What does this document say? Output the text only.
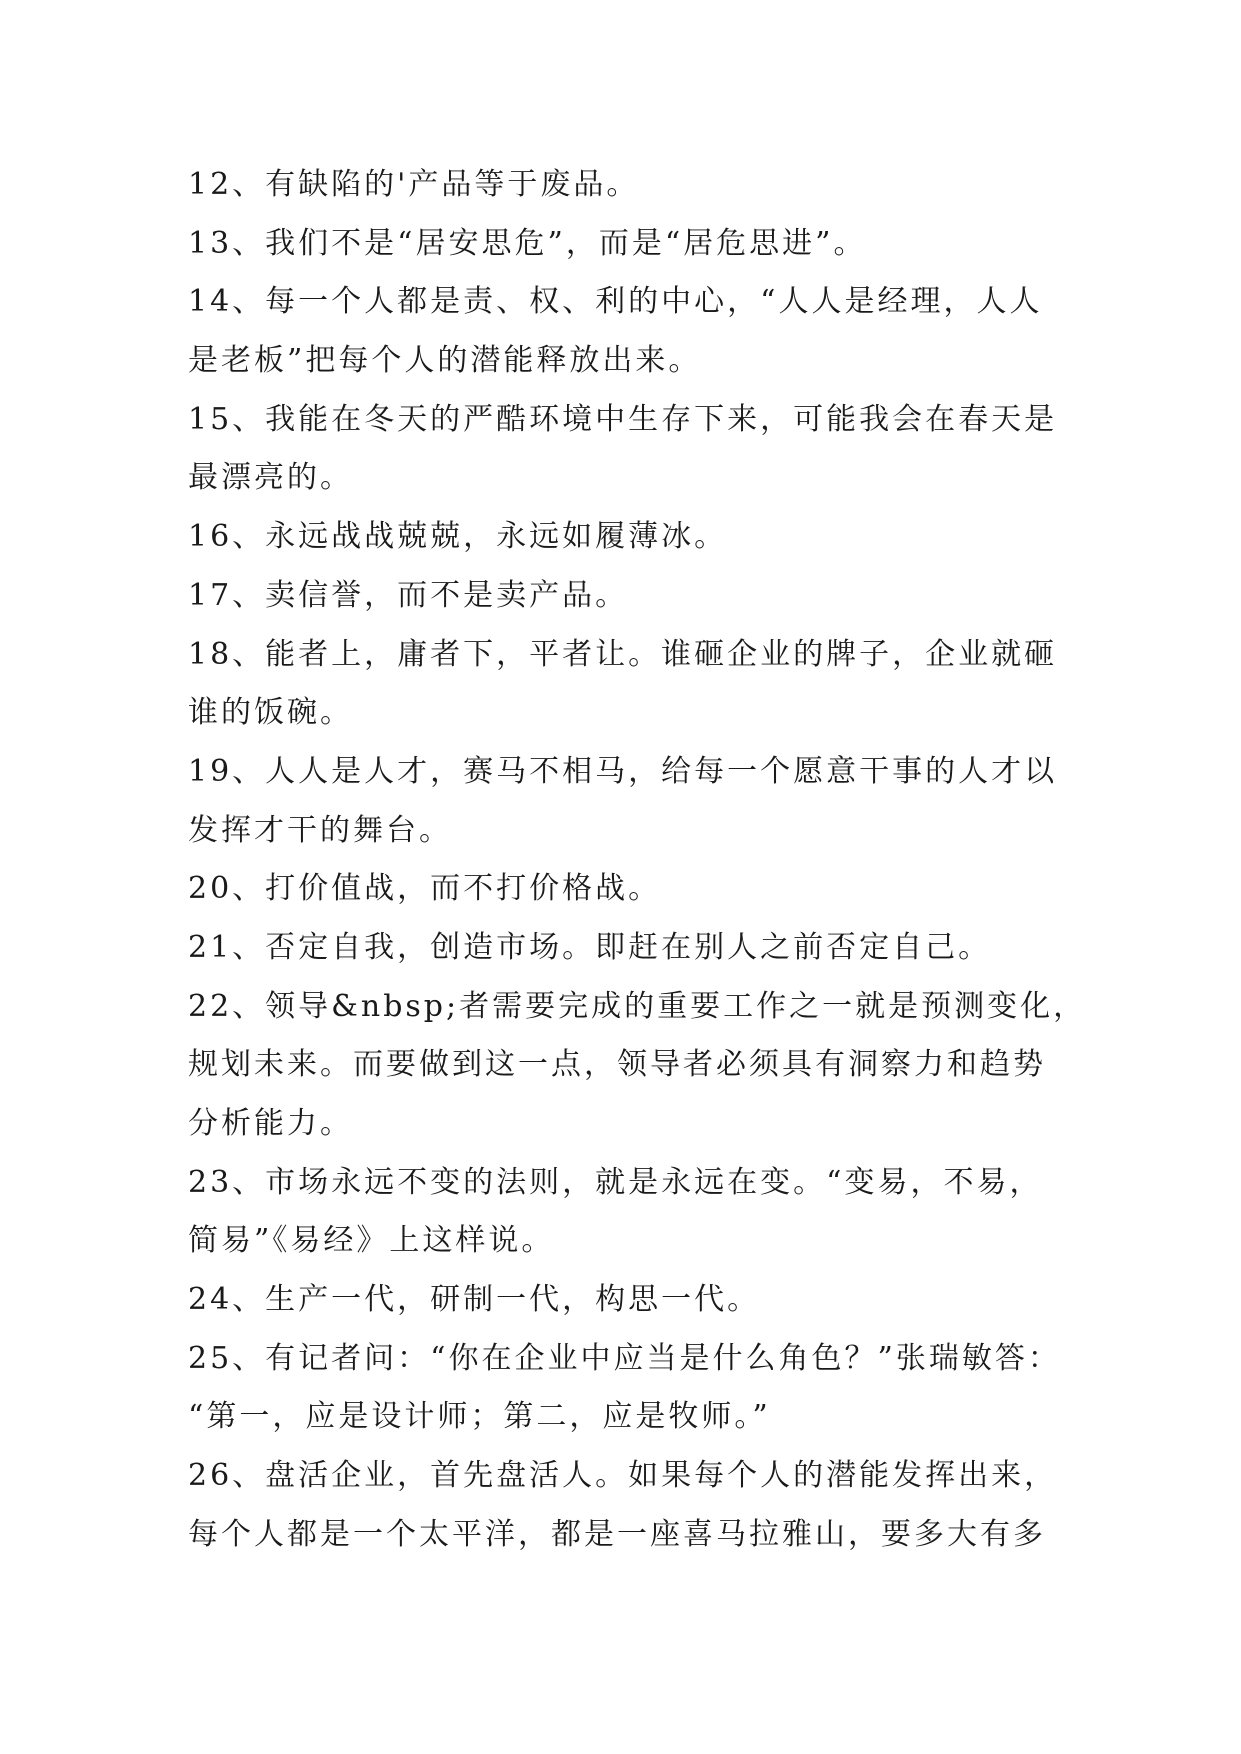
12、有缺陷的'产品等于废品。
13、我们不是“居安思危”，而是“居危思进”。
14、每一个人都是责、权、利的中心，“人人是经理，人人
是老板”把每个人的潜能释放出来。
15、我能在冬天的严酷环境中生存下来，可能我会在春天是
最漂亮的。
16、永远战战兢兢，永远如履薄冰。
17、卖信誉，而不是卖产品。
18、能者上，庸者下，平者让。谁砸企业的牌子，企业就砸
谁的饭碗。
19、人人是人才，赛马不相马，给每一个愿意干事的人才以
发挥才干的舞台。
20、打价值战，而不打价格战。
21、否定自我，创造市场。即赶在别人之前否定自己。
22、领导&nbsp;者需要完成的重要工作之一就是预测变化，
规划未来。而要做到这一点，领导者必须具有洞察力和趋势
分析能力。
23、市场永远不变的法则，就是永远在变。“变易，不易，
简易”《易经》上这样说。
24、生产一代，研制一代，构思一代。
25、有记者问：“你在企业中应当是什么角色？”张瑞敏答：
“第一，应是设计师；第二，应是牧师。”
26、盘活企业，首先盘活人。如果每个人的潜能发挥出来，
每个人都是一个太平洋，都是一座喜马拉雅山，要多大有多
